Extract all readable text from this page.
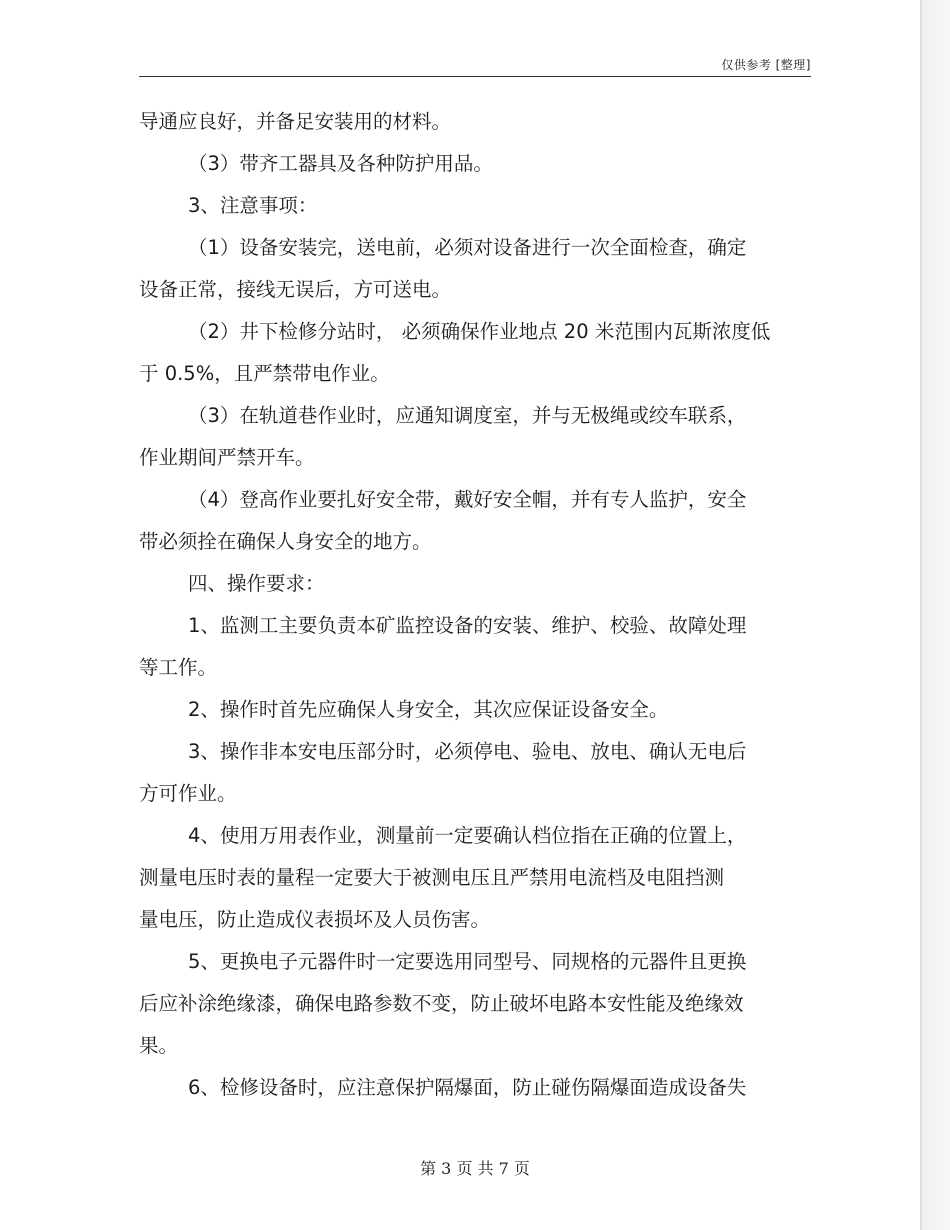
仅供参考 [整理]
导通应良好，并备足安装用的材料。
（3）带齐工器具及各种防护用品。
3、注意事项：
（1）设备安装完，送电前，必须对设备进行一次全面检查，确定
设备正常，接线无误后，方可送电。
（2）井下检修分站时， 必须确保作业地点 20 米范围内瓦斯浓度低
于 0.5%，且严禁带电作业。
（3）在轨道巷作业时，应通知调度室，并与无极绳或绞车联系，
作业期间严禁开车。
（4）登高作业要扎好安全带，戴好安全帽，并有专人监护，安全
带必须拴在确保人身安全的地方。
四、操作要求：
1、监测工主要负责本矿监控设备的安装、维护、校验、故障处理
等工作。
2、操作时首先应确保人身安全，其次应保证设备安全。
3、操作非本安电压部分时，必须停电、验电、放电、确认无电后
方可作业。
4、使用万用表作业，测量前一定要确认档位指在正确的位置上，
测量电压时表的量程一定要大于被测电压且严禁用电流档及电阻挡测
量电压，防止造成仪表损坏及人员伤害。
5、更换电子元器件时一定要选用同型号、同规格的元器件且更换
后应补涂绝缘漆，确保电路参数不变，防止破坏电路本安性能及绝缘效
果。
6、检修设备时，应注意保护隔爆面，防止碰伤隔爆面造成设备失
第 3 页 共 7 页
